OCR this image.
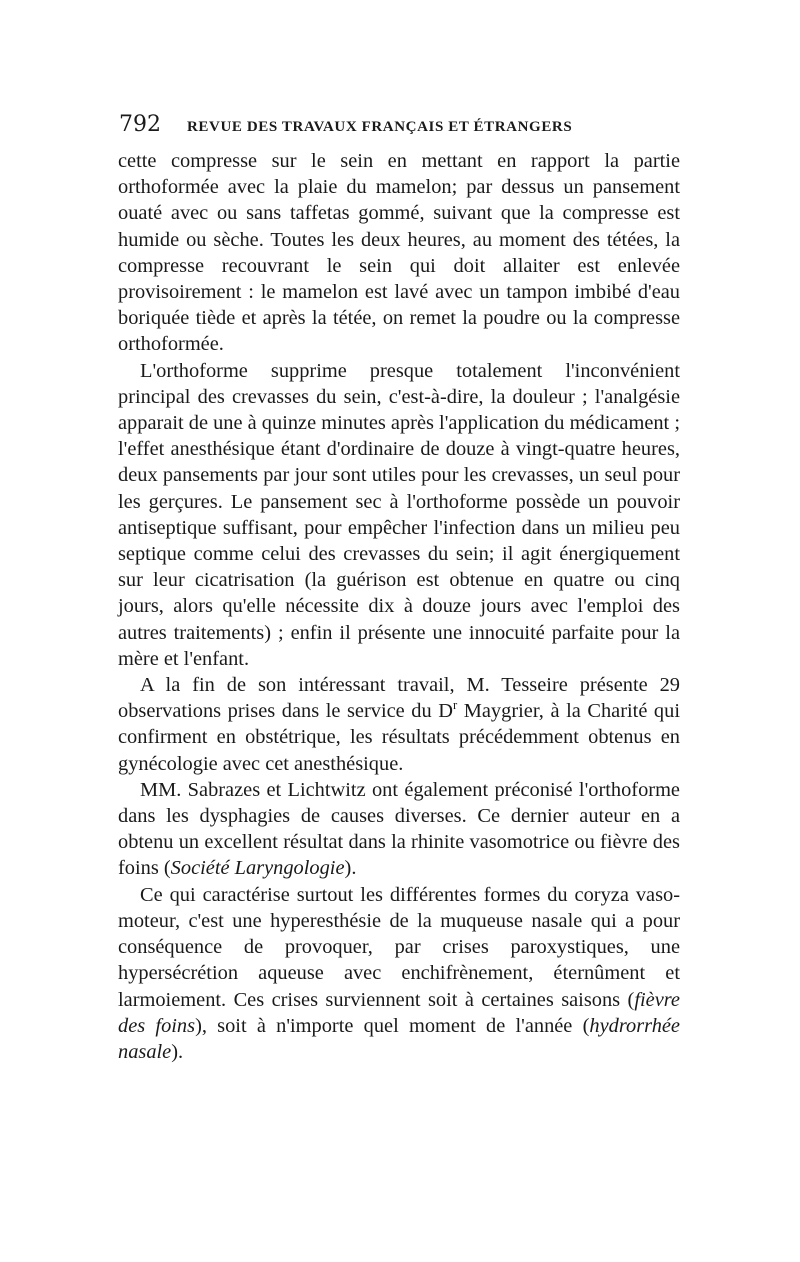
792 REVUE DES TRAVAUX FRANÇAIS ET ÉTRANGERS

cette compresse sur le sein en mettant en rapport la partie orthoformée avec la plaie du mamelon; par dessus un pansement ouaté avec ou sans taffetas gommé, suivant que la compresse est humide ou sèche. Toutes les deux heures, au moment des tétées, la compresse recouvrant le sein qui doit allaiter est enlevée provisoirement : le mamelon est lavé avec un tampon imbibé d'eau boriquée tiède et après la tétée, on remet la poudre ou la compresse orthoformée.

L'orthoforme supprime presque totalement l'inconvénient principal des crevasses du sein, c'est-à-dire, la douleur ; l'analgésie apparait de une à quinze minutes après l'application du médicament ; l'effet anesthésique étant d'ordinaire de douze à vingt-quatre heures, deux pansements par jour sont utiles pour les crevasses, un seul pour les gerçures. Le pansement sec à l'orthoforme possède un pouvoir antiseptique suffisant, pour empêcher l'infection dans un milieu peu septique comme celui des crevasses du sein; il agit énergiquement sur leur cicatrisation (la guérison est obtenue en quatre ou cinq jours, alors qu'elle nécessite dix à douze jours avec l'emploi des autres traitements) ; enfin il présente une innocuité parfaite pour la mère et l'enfant.

A la fin de son intéressant travail, M. Tesseire présente 29 observations prises dans le service du $D^r$ Maygrier, à la Charité qui confirment en obstétrique, les résultats précédemment obtenus en gynécologie avec cet anesthésique.

MM. Sabrazes et Lichtwitz ont également préconisé l'orthoforme dans les dysphagies de causes diverses. Ce dernier auteur en a obtenu un excellent résultat dans la rhinite vasomotrice ou fièvre des foins (Société Laryngologie).

Ce qui caractérise surtout les différentes formes du coryza vaso-moteur, c'est une hyperesthésie de la muqueuse nasale qui a pour conséquence de provoquer, par crises paroxystiques, une hypersécrétion aqueuse avec enchifrènement, éternûment et larmoiement. Ces crises surviennent soit à certaines saisons (fièvre des foins), soit à n'importe quel moment de l'année (hydrorrhée nasale).
